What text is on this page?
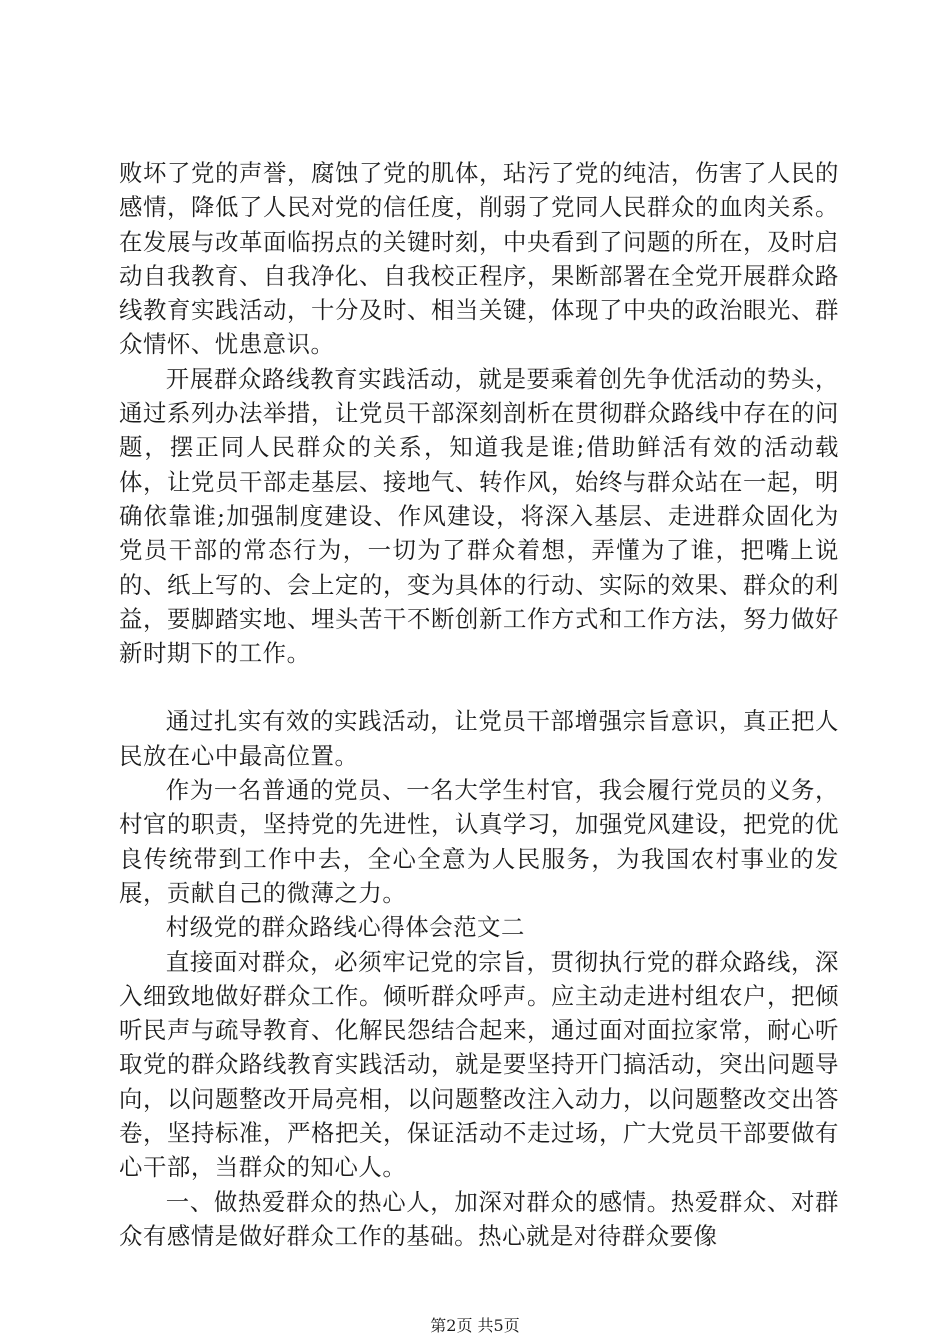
败坏了党的声誉，腐蚀了党的肌体，玷污了党的纯洁，伤害了人民的感情，降低了人民对党的信任度，削弱了党同人民群众的血肉关系。在发展与改革面临拐点的关键时刻，中央看到了问题的所在，及时启动自我教育、自我净化、自我校正程序，果断部署在全党开展群众路线教育实践活动，十分及时、相当关键，体现了中央的政治眼光、群众情怀、忧患意识。

开展群众路线教育实践活动，就是要乘着创先争优活动的势头，通过系列办法举措，让党员干部深刻剖析在贯彻群众路线中存在的问题，摆正同人民群众的关系，知道我是谁;借助鲜活有效的活动载体，让党员干部走基层、接地气、转作风，始终与群众站在一起，明确依靠谁;加强制度建设、作风建设，将深入基层、走进群众固化为党员干部的常态行为，一切为了群众着想，弄懂为了谁，把嘴上说的、纸上写的、会上定的，变为具体的行动、实际的效果、群众的利益，要脚踏实地、埋头苦干不断创新工作方式和工作方法，努力做好新时期下的工作。

通过扎实有效的实践活动，让党员干部增强宗旨意识，真正把人民放在心中最高位置。

作为一名普通的党员、一名大学生村官，我会履行党员的义务，村官的职责，坚持党的先进性，认真学习，加强党风建设，把党的优良传统带到工作中去，全心全意为人民服务，为我国农村事业的发展，贡献自己的微薄之力。

村级党的群众路线心得体会范文二

直接面对群众，必须牢记党的宗旨，贯彻执行党的群众路线，深入细致地做好群众工作。倾听群众呼声。应主动走进村组农户，把倾听民声与疏导教育、化解民怨结合起来，通过面对面拉家常，耐心听取党的群众路线教育实践活动，就是要坚持开门搞活动，突出问题导向，以问题整改开局亮相，以问题整改注入动力，以问题整改交出答卷，坚持标准，严格把关，保证活动不走过场，广大党员干部要做有心干部，当群众的知心人。

一、做热爱群众的热心人，加深对群众的感情。热爱群众、对群众有感情是做好群众工作的基础。热心就是对待群众要像

第2页 共5页
